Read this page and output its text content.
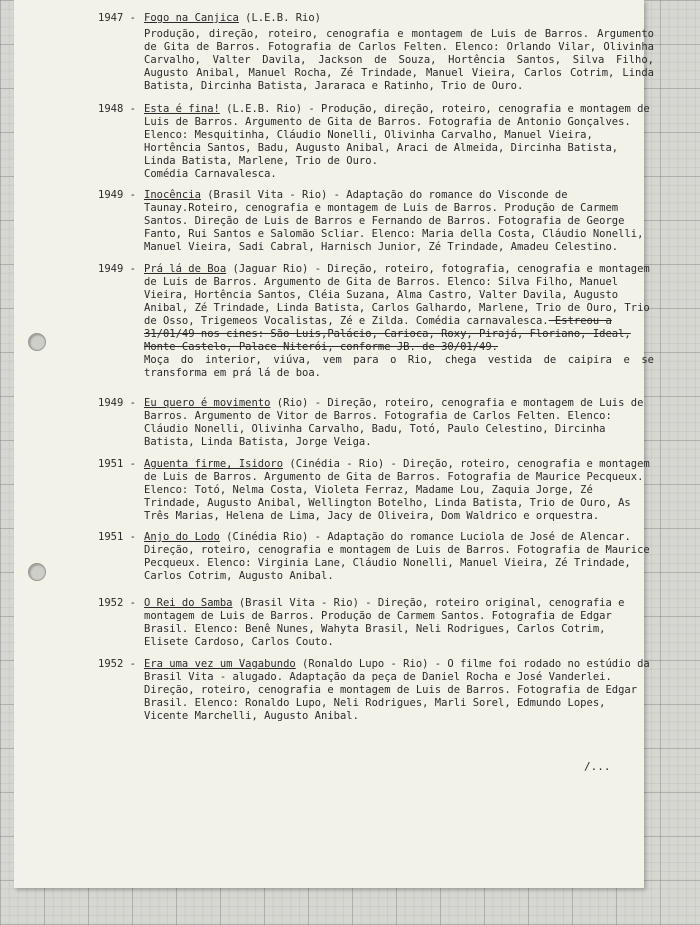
1947 - Fogo na Canjica (L.E.B. Rio)
Produção, direção, roteiro, cenografia e montagem de Luis de Barros. Argumento de Gita de Barros. Fotografia de Carlos Felten. Elenco: Orlando Vilar, Olivinha Carvalho, Valter Davila, Jackson de Souza, Hortência Santos, Silva Filho, Augusto Anibal, Manuel Rocha, Zé Trindade, Manuel Vieira, Carlos Cotrim, Linda Batista, Dircinha Batista, Jararaca e Ratinho, Trio de Ouro.
1948 - Esta é fina! (L.E.B. Rio) - Produção, direção, roteiro, cenografia e montagem de Luis de Barros. Argumento de Gita de Barros. Fotografia de Antonio Gonçalves. Elenco: Mesquitinha, Cláudio Nonelli, Olivinha Carvalho, Manuel Vieira, Hortência Santos, Badu, Augusto Anibal, Araci de Almeida, Dircinha Batista, Linda Batista, Marlene, Trio de Ouro.
Comédia Carnavalesca.
1949 - Inocência (Brasil Vita - Rio) - Adaptação do romance do Visconde de Taunay.Roteiro, cenografia e montagem de Luis de Barros. Produção de Carmem Santos. Direção de Luis de Barros e Fernando de Barros. Fotografia de George Fanto, Rui Santos e Salomão Scliar. Elenco: Maria della Costa, Cláudio Nonelli, Manuel Vieira, Sadi Cabral, Harnisch Junior, Zé Trindade, Amadeu Celestino.
1949 - Prá lá de Boa (Jaguar Rio) - Direção, roteiro, fotografia, cenografia e montagem de Luis de Barros. Argumento de Gita de Barros. Elenco: Silva Filho, Manuel Vieira, Hortência Santos, Cléia Suzana, Alma Castro, Valter Davila, Augusto Anibal, Zé Trindade, Linda Batista, Carlos Galhardo, Marlene, Trio de Ouro, Trio de Osso, Trigemeos Vocalistas, Zé e Zilda. Comédia carnavalesca. Estreou a 31/01/49 nos cines: São Luis,Palácio, Carioca, Roxy, Pirajá, Floriano, Ideal, Monte Castelo, Palace Niterói, conforme JB. de 30/01/49.
Moça do interior, viúva, vem para o Rio, chega vestida de caipira e se transforma em prá lá de boa.
1949 - Eu quero é movimento (Rio) - Direção, roteiro, cenografia e montagem de Luis de Barros. Argumento de Vitor de Barros. Fotografia de Carlos Felten. Elenco: Cláudio Nonelli, Olivinha Carvalho, Badu, Totó, Paulo Celestino, Dircinha Batista, Linda Batista, Jorge Veiga.
1951 - Aguenta firme, Isidoro (Cinédia - Rio) - Direção, roteiro, cenografia e montagem de Luis de Barros. Argumento de Gita de Barros. Fotografia de Maurice Pecqueux. Elenco: Totó, Nelma Costa, Violeta Ferraz, Madame Lou, Zaquia Jorge, Zé Trindade, Augusto Anibal, Wellington Botelho, Linda Batista, Trio de Ouro, As Três Marias, Helena de Lima, Jacy de Oliveira, Dom Waldrico e orquestra.
1951 - Anjo do Lodo (Cinédia Rio) - Adaptação do romance Luciola de José de Alencar. Direção, roteiro, cenografia e montagem de Luis de Barros. Fotografia de Maurice Pecqueux. Elenco: Virginia Lane, Cláudio Nonelli, Manuel Vieira, Zé Trindade, Carlos Cotrim, Augusto Anibal.
1952 - O Rei do Samba (Brasil Vita - Rio) - Direção, roteiro original, cenografia e montagem de Luis de Barros. Produção de Carmem Santos. Fotografia de Edgar Brasil. Elenco: Benê Nunes, Wahyta Brasil, Neli Rodrigues, Carlos Cotrim, Elisete Cardoso, Carlos Couto.
1952 - Era uma vez um Vagabundo (Ronaldo Lupo - Rio) - O filme foi rodado no estúdio da Brasil Vita - alugado. Adaptação da peça de Daniel Rocha e José Vanderlei. Direção, roteiro, cenografia e montagem de Luis de Barros. Fotografia de Edgar Brasil. Elenco: Ronaldo Lupo, Neli Rodrigues, Marli Sorel, Edmundo Lopes, Vicente Marchelli, Augusto Anibal.
/...
